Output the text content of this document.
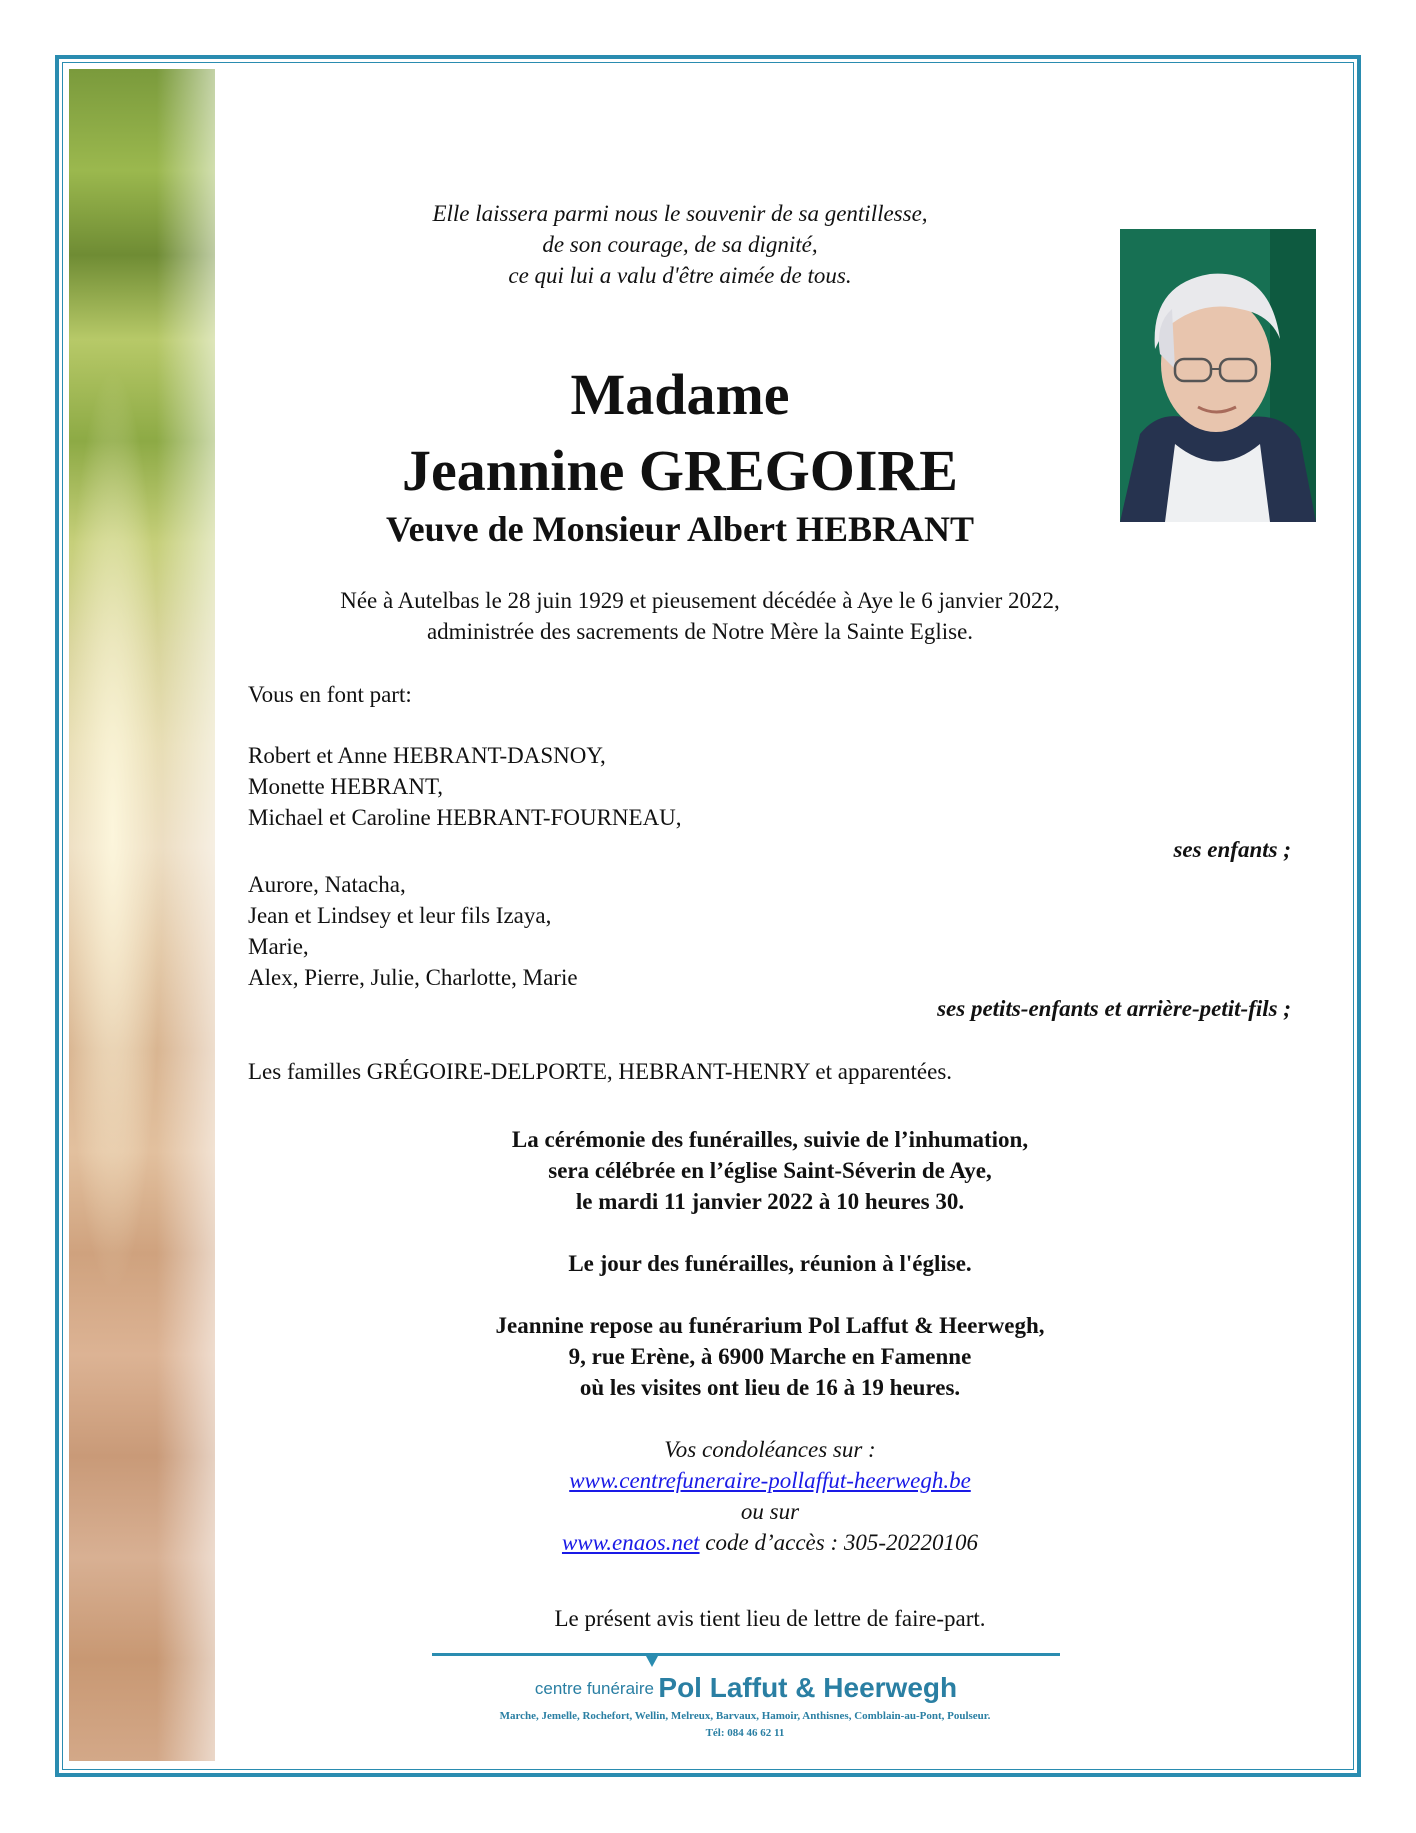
Elle laissera parmi nous le souvenir de sa gentillesse,
de son courage, de sa dignité,
ce qui lui a valu d'être aimée de tous.
Madame
Jeannine GREGOIRE
Veuve de Monsieur Albert HEBRANT
Née à Autelbas le 28 juin 1929 et pieusement décédée à Aye le 6 janvier 2022,
administrée des sacrements de Notre Mère la Sainte Eglise.
Vous en font part:
Robert et Anne HEBRANT-DASNOY,
Monette HEBRANT,
Michael et Caroline HEBRANT-FOURNEAU,
ses enfants ;
Aurore, Natacha,
Jean et Lindsey et leur fils Izaya,
Marie,
Alex, Pierre, Julie, Charlotte, Marie
ses petits-enfants et arrière-petit-fils ;
Les familles GRÉGOIRE-DELPORTE, HEBRANT-HENRY et apparentées.
La cérémonie des funérailles, suivie de l’inhumation,
sera célébrée en l’église Saint-Séverin de Aye,
le mardi 11 janvier 2022 à 10 heures 30.
Le jour des funérailles, réunion à l'église.
Jeannine repose au funérarium Pol Laffut & Heerwegh,
9, rue Erène, à 6900 Marche en Famenne
où les visites ont lieu de 16 à 19 heures.
Vos condoléances sur :
www.centrefuneraire-pollaffut-heerwegh.be
ou sur
www.enaos.net code d’accès : 305-20220106
Le présent avis tient lieu de lettre de faire-part.
centre funéraire Pol Laffut & Heerwegh
Marche, Jemelle, Rochefort, Wellin, Melreux, Barvaux, Hamoir, Anthisnes, Comblain-au-Pont, Poulseur.
Tél: 084 46 62 11
